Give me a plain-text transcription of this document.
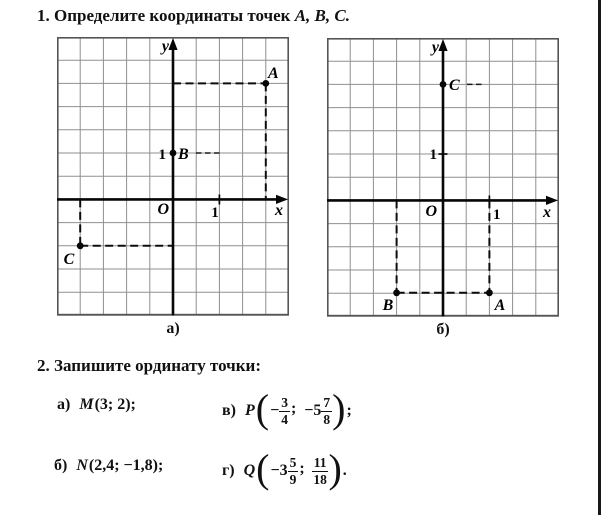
1. Определите координаты точек A, B, C.
y
x
O	1
1
A
B
C
y
x
O	1
1
C
B	A
а)	б)
2. Запишите ординату точки:
а) M(3; 2);	в) P ( − $\frac{3}{4}$ ; $-5 \frac{7}{8}$ ) ;
б) N(2,4; −1,8);	г) Q ( $-3 \frac{5}{9}$ ; $\frac{11}{18}$ ) .
